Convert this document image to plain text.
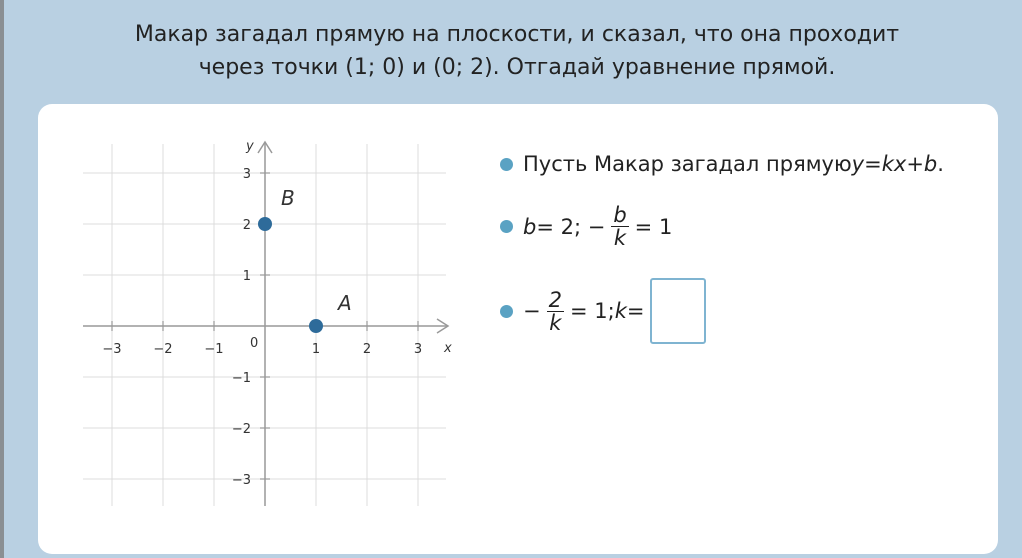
Макар загадал прямую на плоскости, и сказал, что она проходит
через точки (1; 0) и (0; 2). Отгадай уравнение прямой.
x
y
0
−3 −2 −1	1	2	3
3
2
1
−1
−2
−3
A
B
Пусть Макар загадал прямую y = kx + b .
b = 2; − $\frac{b}{k} = 1$
− $\frac{2}{k} = 1$; k =
